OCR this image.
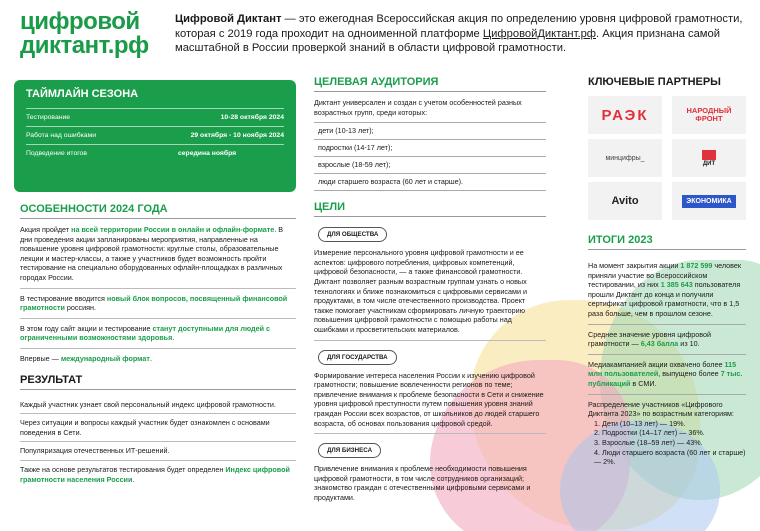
цифровой
диктант.рф
Цифровой Диктант — это ежегодная Всероссийская акция по определению уровня цифровой грамотности, которая с 2019 года проходит на одноименной платформе ЦифровойДиктант.рф. Акция признана самой масштабной в России проверкой знаний в области цифровой грамотности.
ТАЙМЛАЙН СЕЗОНА
Тестирование	10-28 октября 2024
Работа над ошибками	29 октября - 10 ноября 2024
Подведение итогов	середина ноября
ОСОБЕННОСТИ 2024 ГОДА
Акция пройдет на всей территории России в онлайн и офлайн-формате. В дни проведения акции запланированы мероприятия, направленные на повышение уровня цифровой грамотности: круглые столы, образовательные лекции и мастер-классы, а также у участников будет возможность пройти тестирование на специально оборудованных офлайн-площадках в различных городах России.
В тестирование вводится новый блок вопросов, посвященный финансовой грамотности россиян.
В этом году сайт акции и тестирование станут доступными для людей с ограниченными возможностями здоровья.
Впервые — международный формат.
РЕЗУЛЬТАТ
Каждый участник узнает свой персональный индекс цифровой грамотности.
Через ситуации и вопросы каждый участник будет ознакомлен с основами поведения в Сети.
Популяризация отечественных ИТ-решений.
Также на основе результатов тестирования будет определен Индекс цифровой грамотности населения России.
ЦЕЛЕВАЯ АУДИТОРИЯ
Диктант универсален и создан с учетом особенностей разных возрастных групп, среди которых:
дети (10-13 лет);
подростки (14-17 лет);
взрослые (18-59 лет);
люди старшего возраста (60 лет и старше).
ЦЕЛИ
ДЛЯ ОБЩЕСТВА
Измерение персонального уровня цифровой грамотности и ее аспектов: цифрового потребления, цифровых компетенций, цифровой безопасности, — а также финансовой грамотности. Диктант позволяет разным возрастным группам узнать о новых технологиях и ближе познакомиться с цифровыми сервисами и продуктами, в том числе отечественного производства. Проект также помогает участникам сформировать личную траекторию повышения цифровой грамотности с помощью работы над ошибками и просветительских материалов.
ДЛЯ ГОСУДАРСТВА
Формирование интереса населения России к изучению цифровой грамотности; повышение вовлеченности регионов по теме; привлечение внимания к проблеме безопасности в Сети и снижение уровня цифровой преступности путем повышения уровня знаний граждан России всех возрастов, от школьников до людей старшего возраста, об основах пользования цифровой средой.
ДЛЯ БИЗНЕСА
Привлечение внимания к проблеме необходимости повышения цифровой грамотности, в том числе сотрудников организаций; знакомство граждан с отечественными цифровыми сервисами и продуктами.
КЛЮЧЕВЫЕ ПАРТНЕРЫ
РАЭК	НАРОДНЫЙ ФРОНТ
минцифры_
ДИТ
Avito	ЭКОНОМИКА
ИТОГИ 2023
На момент закрытия акции 1 872 599 человек приняли участие во Всероссийском тестировании, из них 1 385 643 пользователя прошли Диктант до конца и получили сертификат цифровой грамотности, что в 1,5 раза больше, чем в прошлом сезоне.
Среднее значение уровня цифровой грамотности — 6,43 балла из 10.
Медиакампанией акции охвачено более 115 млн пользователей, выпущено более 7 тыс. публикаций в СМИ.
Распределение участников «Цифрового Диктанта 2023» по возрастным категориям:
1. Дети (10–13 лет) — 19%.
2. Подростки (14–17 лет) — 36%.
3. Взрослые (18–59 лет) — 43%.
4. Люди старшего возраста (60 лет и старше) — 2%.
